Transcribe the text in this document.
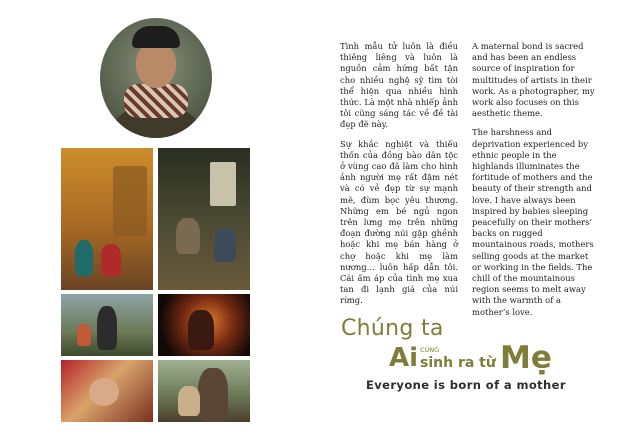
Tình mẫu tử luôn là điều thiêng liêng và luôn là nguồn cảm hứng bất tận cho nhiều nghệ sỹ tìm tòi thể hiện qua nhiều hình thức. Là một nhà nhiếp ảnh tôi cũng sáng tác về đề tài đẹp đẽ này.

Sự khắc nghiệt và thiếu thốn của đồng bào dân tộc ở vùng cao đã làm cho hình ảnh người mẹ rất đậm nét và có vẻ đẹp từ sự mạnh mẽ, đùm bọc yêu thương. Những em bé ngủ ngon trên lưng mẹ trên những đoạn đường núi gập ghềnh hoặc khi mẹ bán hàng ở chợ hoặc khi mẹ làm nương… luôn hấp dẫn tôi. Cái ấm áp của tình mẹ xua tan đi lạnh giá của núi rừng.

A maternal bond is sacred and has been an endless source of inspiration for multitudes of artists in their work. As a photographer, my work also focuses on this aesthetic theme.

The harshness and deprivation experienced by ethnic people in the highlands illuminates the fortitude of mothers and the beauty of their strength and love. I have always been inspired by babies sleeping peacefully on their mothers’ backs on rugged mountainous roads, mothers selling goods at the market or working in the fields. The chill of the mountainous region seems to melt away with the warmth of a mother’s love.

Chúng ta
Ai CÙNG
sinh ra từ Mẹ
Everyone is born of a mother
